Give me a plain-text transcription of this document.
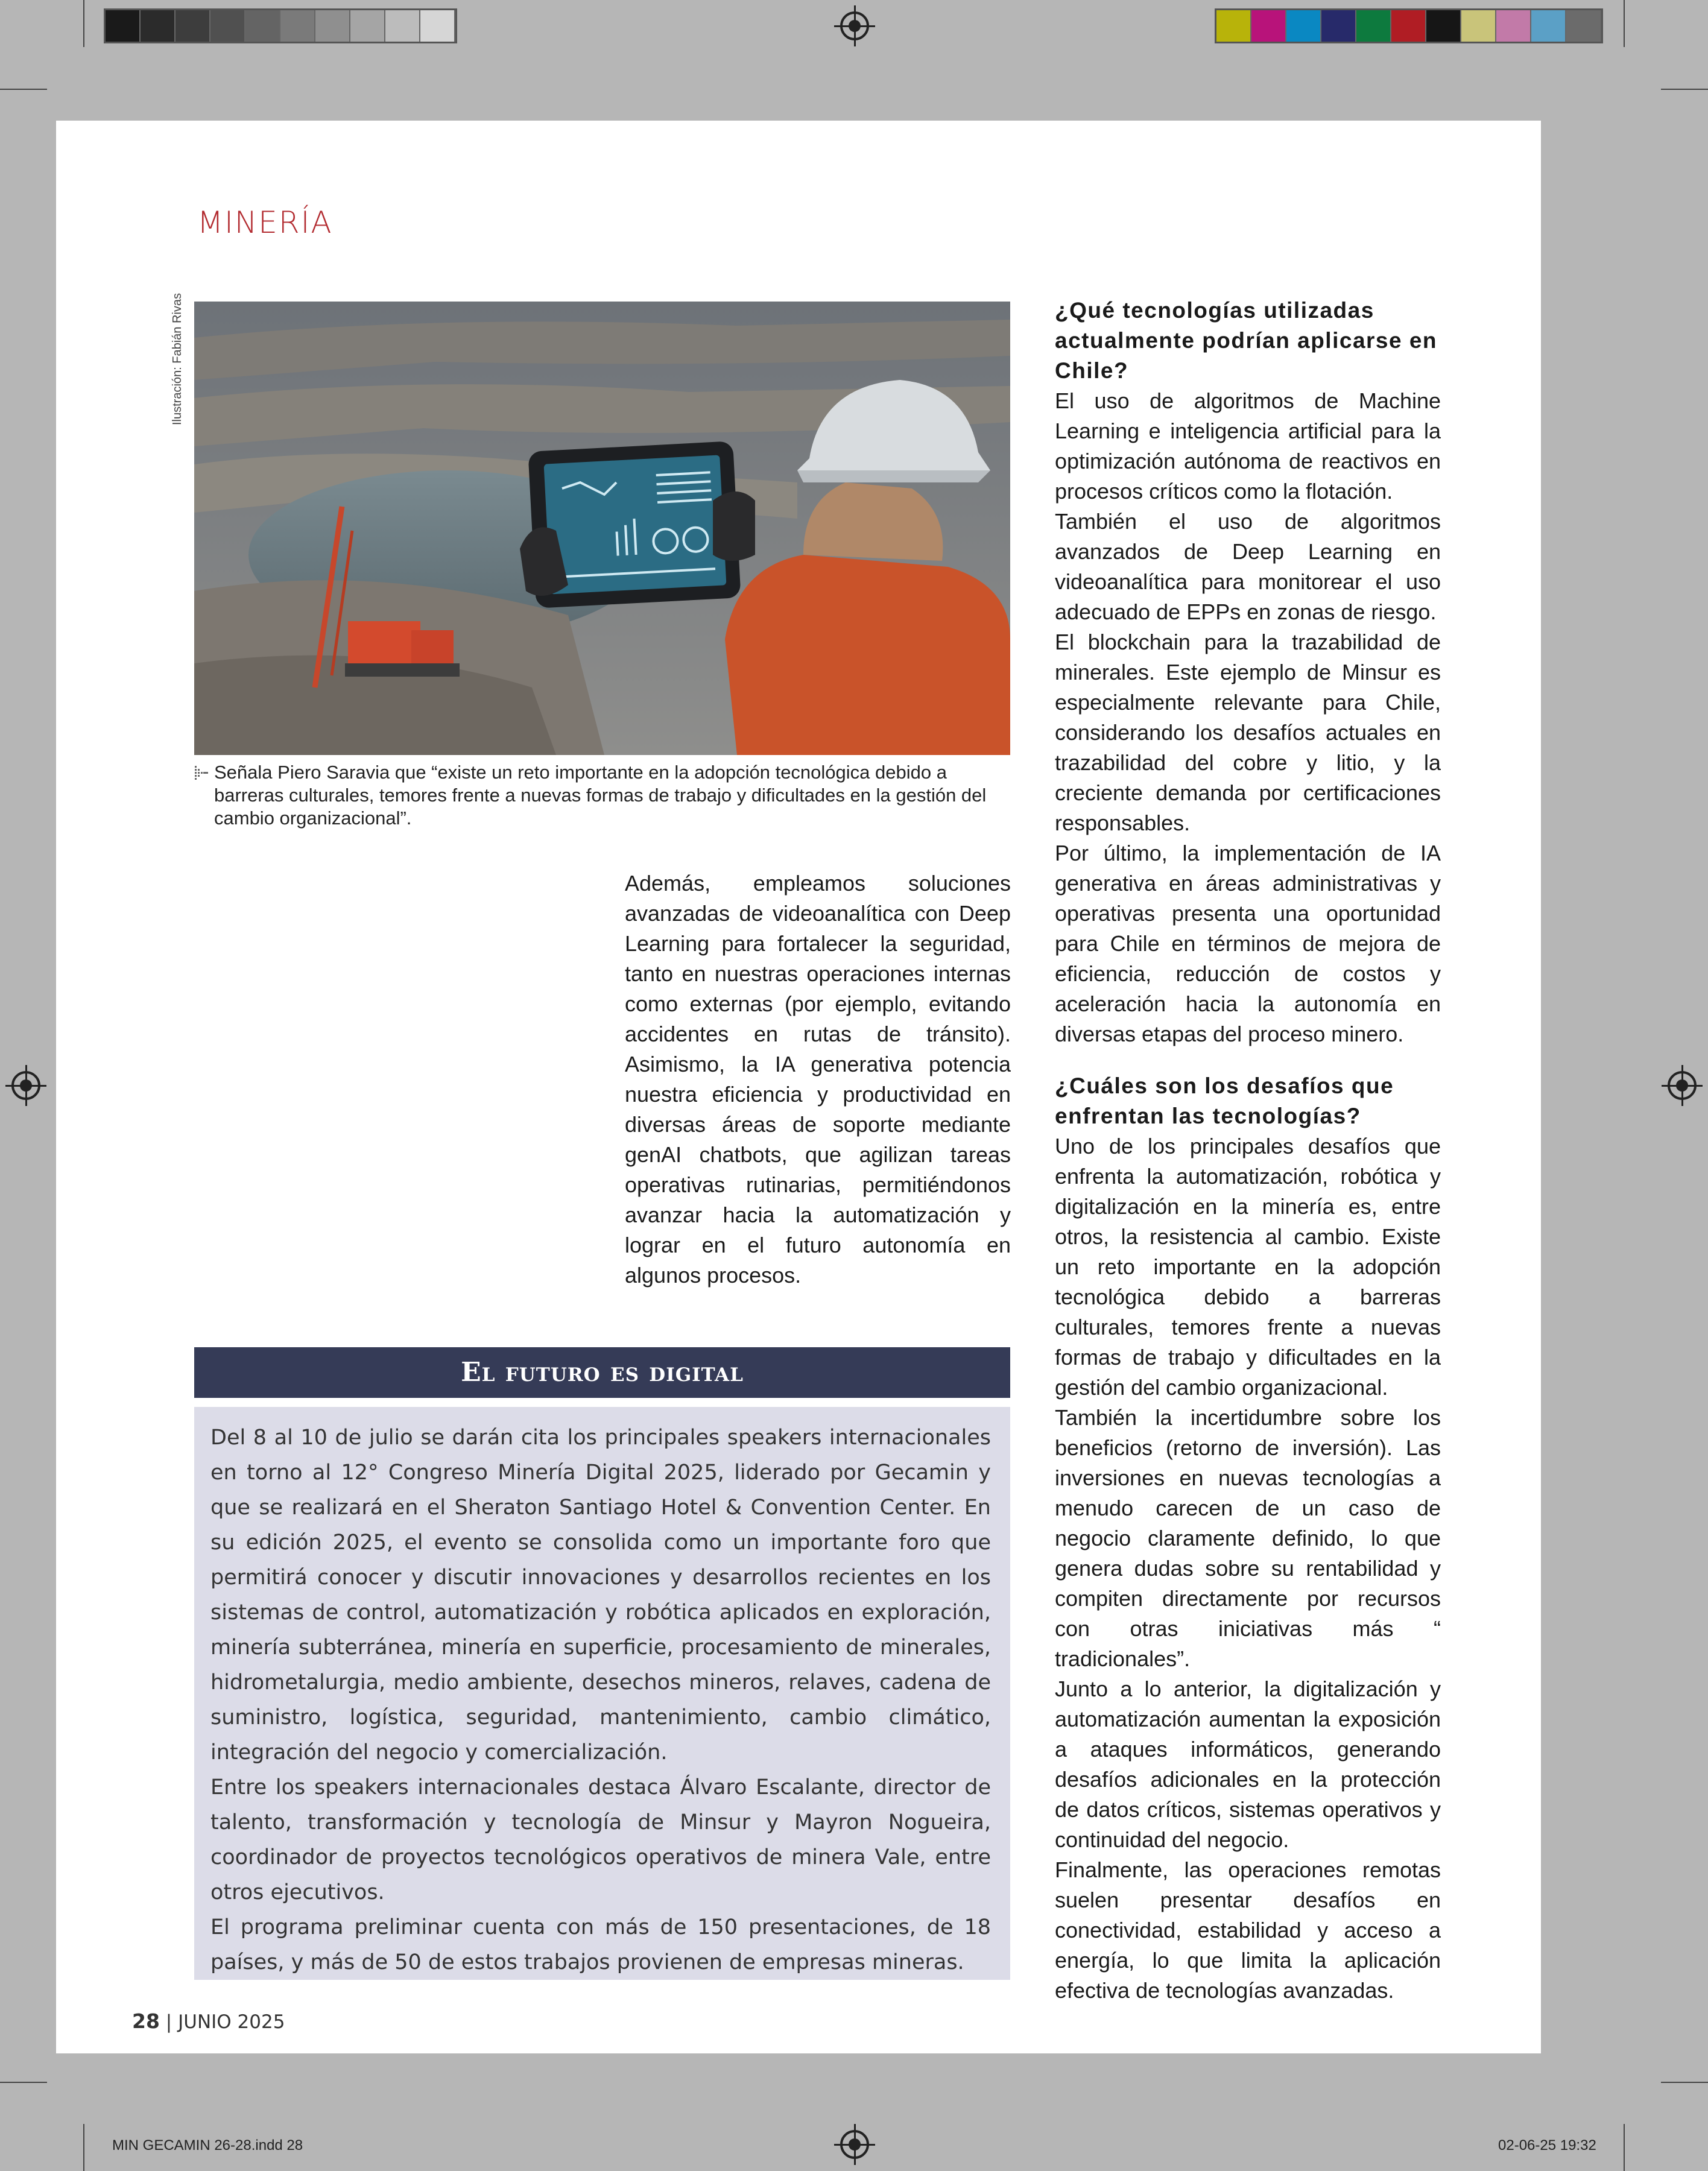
MIN GECAMIN 26-28.indd 28	02-06-25 19:32
MINERÍA
Ilustración: Fabián Rivas

Señala Piero Saravia que “existe un reto importante en la adopción tecnológica debido a barreras culturales, temores frente a nuevas formas de trabajo y dificultades en la gestión del cambio organizacional”.

Además, empleamos soluciones avanzadas de videoanalítica con Deep Learning para fortalecer la seguridad, tanto en nuestras operaciones internas como externas (por ejemplo, evitando accidentes en rutas de tránsito). Asimismo, la IA generativa potencia nuestra eficiencia y productividad en diversas áreas de soporte mediante genAI chatbots, que agilizan tareas operativas rutinarias, permitiéndonos avanzar hacia la automatización y lograr en el futuro autonomía en algunos procesos.

El futuro es digital

Del 8 al 10 de julio se darán cita los principales speakers internacionales en torno al 12° Congreso Minería Digital 2025, liderado por Gecamin y que se realizará en el Sheraton Santiago Hotel & Convention Center. En su edición 2025, el evento se consolida como un importante foro que permitirá conocer y discutir innovaciones y desarrollos recientes en los sistemas de control, automatización y robótica aplicados en exploración, minería subterránea, minería en superficie, procesamiento de minerales, hidrometalurgia, medio ambiente, desechos mineros, relaves, cadena de suministro, logística, seguridad, mantenimiento, cambio climático, integración del negocio y comercialización.

Entre los speakers internacionales destaca Álvaro Escalante, director de talento, transformación y tecnología de Minsur y Mayron Nogueira, coordinador de proyectos tecnológicos operativos de minera Vale, entre otros ejecutivos.

El programa preliminar cuenta con más de 150 presentaciones, de 18 países, y más de 50 de estos trabajos provienen de empresas mineras.

¿Qué tecnologías utilizadas actualmente podrían aplicarse en Chile?

El uso de algoritmos de Machine Learning e inteligencia artificial para la optimización autónoma de reactivos en procesos críticos como la flotación.

También el uso de algoritmos avanzados de Deep Learning en videoanalítica para monitorear el uso adecuado de EPPs en zonas de riesgo.

El blockchain para la trazabilidad de minerales. Este ejemplo de Minsur es especialmente relevante para Chile, considerando los desafíos actuales en trazabilidad del cobre y litio, y la creciente demanda por certificaciones responsables.

Por último, la implementación de IA generativa en áreas administrativas y operativas presenta una oportunidad para Chile en términos de mejora de eficiencia, reducción de costos y aceleración hacia la autonomía en diversas etapas del proceso minero.

¿Cuáles son los desafíos que enfrentan las tecnologías?

Uno de los principales desafíos que enfrenta la automatización, robótica y digitalización en la minería es, entre otros, la resistencia al cambio. Existe un reto importante en la adopción tecnológica debido a barreras culturales, temores frente a nuevas formas de trabajo y dificultades en la gestión del cambio organizacional.

También la incertidumbre sobre los beneficios (retorno de inversión). Las inversiones en nuevas tecnologías a menudo carecen de un caso de negocio claramente definido, lo que genera dudas sobre su rentabilidad y compiten directamente por recursos con otras iniciativas más “ tradicionales”.

Junto a lo anterior, la digitalización y automatización aumentan la exposición a ataques informáticos, generando desafíos adicionales en la protección de datos críticos, sistemas operativos y continuidad del negocio.

Finalmente, las operaciones remotas suelen presentar desafíos en conectividad, estabilidad y acceso a energía, lo que limita la aplicación efectiva de tecnologías avanzadas.

28 | JUNIO 2025
